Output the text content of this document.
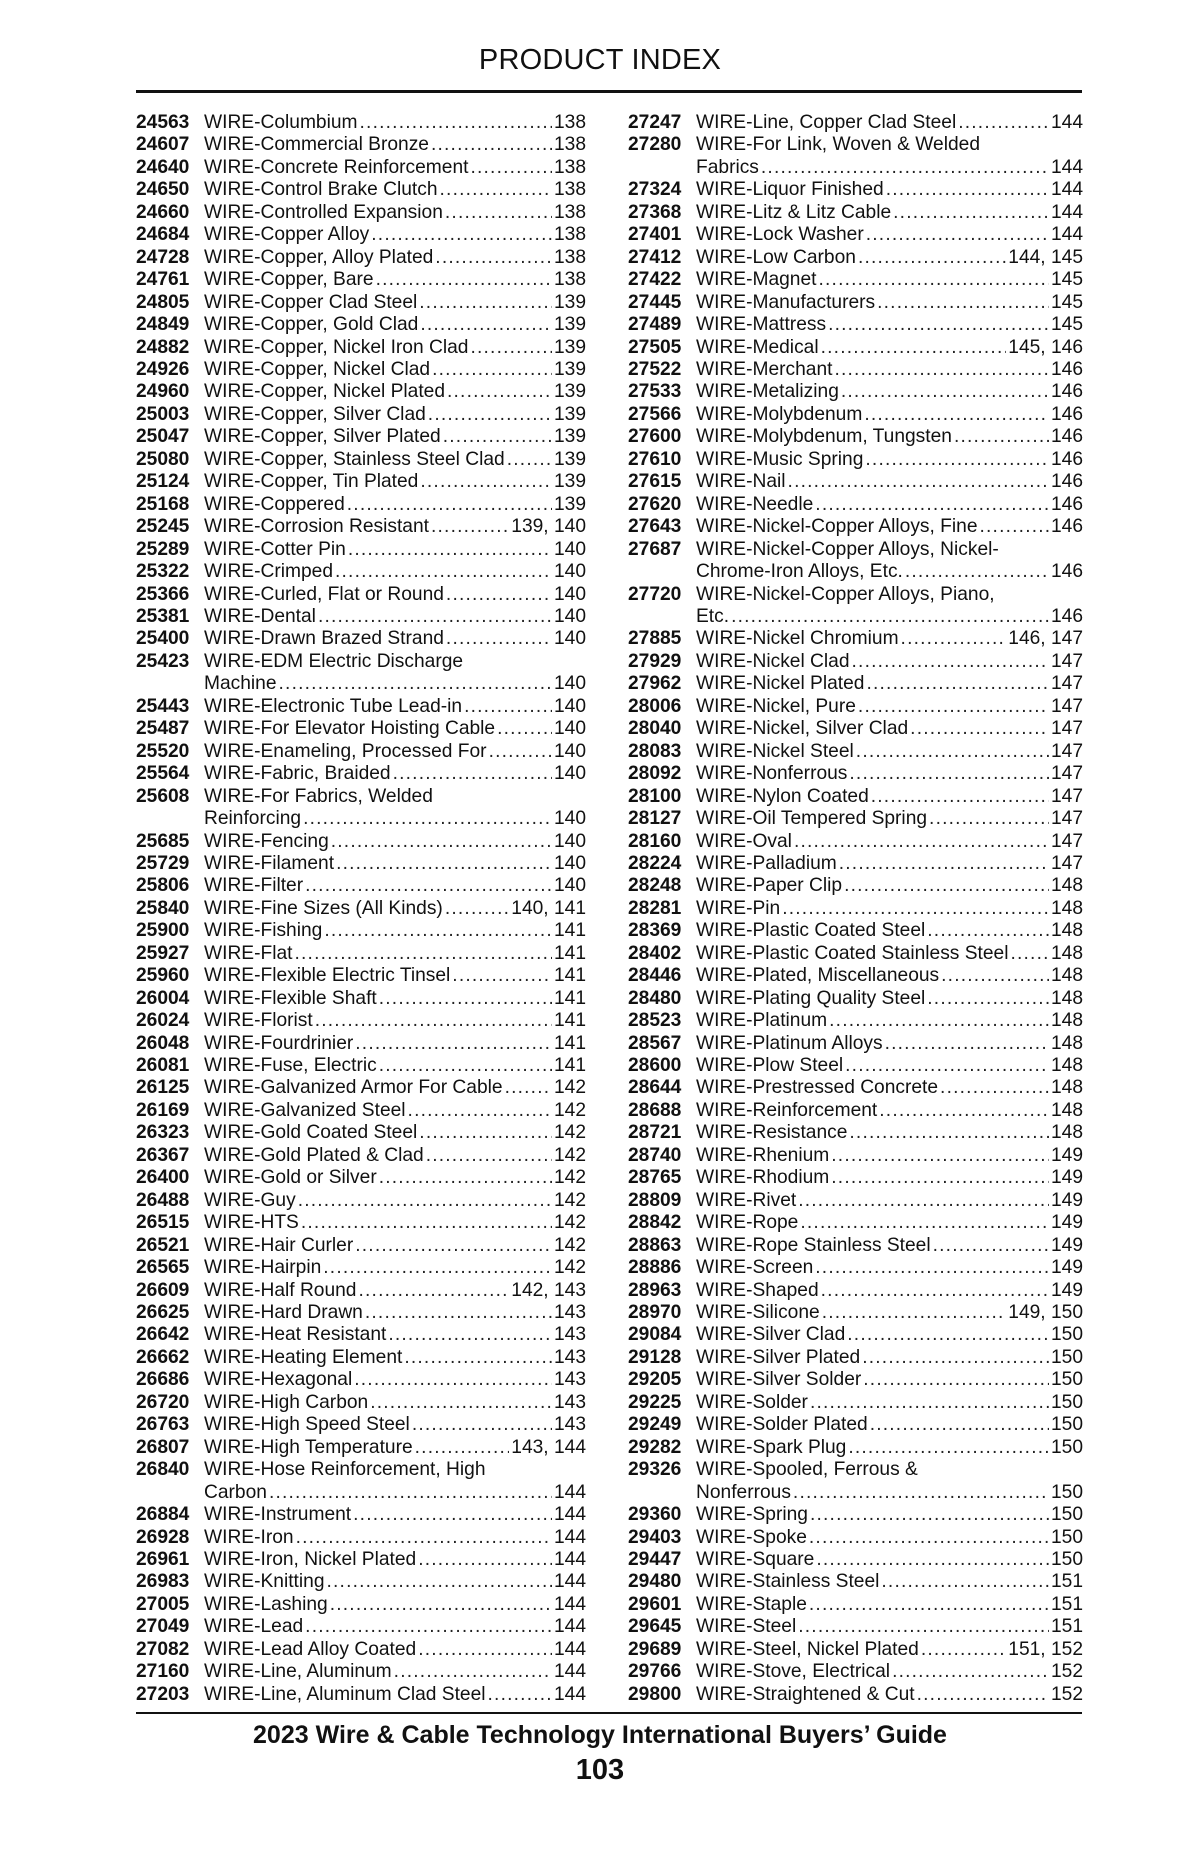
PRODUCT INDEX
24563 WIRE-Columbium .....	138
24607 WIRE-Commercial Bronze .....	138
24640 WIRE-Concrete Reinforcement .....	138
24650 WIRE-Control Brake Clutch .....	138
24660 WIRE-Controlled Expansion .....	138
24684 WIRE-Copper Alloy .....	138
24728 WIRE-Copper, Alloy Plated .....	138
24761 WIRE-Copper, Bare .....	138
24805 WIRE-Copper Clad Steel .....	139
24849 WIRE-Copper, Gold Clad .....	139
24882 WIRE-Copper, Nickel Iron Clad .....	139
24926 WIRE-Copper, Nickel Clad .....	139
24960 WIRE-Copper, Nickel Plated .....	139
25003 WIRE-Copper, Silver Clad .....	139
25047 WIRE-Copper, Silver Plated .....	139
25080 WIRE-Copper, Stainless Steel Clad .....	139
25124 WIRE-Copper, Tin Plated .....	139
25168 WIRE-Coppered .....	139
25245 WIRE-Corrosion Resistant .....	139, 140
25289 WIRE-Cotter Pin .....	140
25322 WIRE-Crimped .....	140
25366 WIRE-Curled, Flat or Round .....	140
25381 WIRE-Dental .....	140
25400 WIRE-Drawn Brazed Strand .....	140
25423 WIRE-EDM Electric Discharge
Machine .....	140
25443 WIRE-Electronic Tube Lead-in .....	140
25487 WIRE-For Elevator Hoisting Cable .....	140
25520 WIRE-Enameling, Processed For .....	140
25564 WIRE-Fabric, Braided .....	140
25608 WIRE-For Fabrics, Welded
Reinforcing .....	140
25685 WIRE-Fencing .....	140
25729 WIRE-Filament .....	140
25806 WIRE-Filter .....	140
25840 WIRE-Fine Sizes (All Kinds) .....	140, 141
25900 WIRE-Fishing .....	141
25927 WIRE-Flat .....	141
25960 WIRE-Flexible Electric Tinsel .....	141
26004 WIRE-Flexible Shaft .....	141
26024 WIRE-Florist .....	141
26048 WIRE-Fourdrinier .....	141
26081 WIRE-Fuse, Electric .....	141
26125 WIRE-Galvanized Armor For Cable .....	142
26169 WIRE-Galvanized Steel .....	142
26323 WIRE-Gold Coated Steel .....	142
26367 WIRE-Gold Plated & Clad .....	142
26400 WIRE-Gold or Silver .....	142
26488 WIRE-Guy .....	142
26515 WIRE-HTS .....	142
26521 WIRE-Hair Curler .....	142
26565 WIRE-Hairpin .....	142
26609 WIRE-Half Round .....	142, 143
26625 WIRE-Hard Drawn .....	143
26642 WIRE-Heat Resistant .....	143
26662 WIRE-Heating Element .....	143
26686 WIRE-Hexagonal .....	143
26720 WIRE-High Carbon .....	143
26763 WIRE-High Speed Steel .....	143
26807 WIRE-High Temperature .....	143, 144
26840 WIRE-Hose Reinforcement, High
Carbon .....	144
26884 WIRE-Instrument .....	144
26928 WIRE-Iron .....	144
26961 WIRE-Iron, Nickel Plated .....	144
26983 WIRE-Knitting .....	144
27005 WIRE-Lashing .....	144
27049 WIRE-Lead .....	144
27082 WIRE-Lead Alloy Coated .....	144
27160 WIRE-Line, Aluminum .....	144
27203 WIRE-Line, Aluminum Clad Steel .....	144
27247 WIRE-Line, Copper Clad Steel .....	144
27280 WIRE-For Link, Woven & Welded
Fabrics .....	144
27324 WIRE-Liquor Finished .....	144
27368 WIRE-Litz & Litz Cable .....	144
27401 WIRE-Lock Washer .....	144
27412 WIRE-Low Carbon .....	144, 145
27422 WIRE-Magnet .....	145
27445 WIRE-Manufacturers .....	145
27489 WIRE-Mattress .....	145
27505 WIRE-Medical .....	145, 146
27522 WIRE-Merchant .....	146
27533 WIRE-Metalizing .....	146
27566 WIRE-Molybdenum .....	146
27600 WIRE-Molybdenum, Tungsten .....	146
27610 WIRE-Music Spring .....	146
27615 WIRE-Nail .....	146
27620 WIRE-Needle .....	146
27643 WIRE-Nickel-Copper Alloys, Fine .....	146
27687 WIRE-Nickel-Copper Alloys, Nickel-
Chrome-Iron Alloys, Etc. .....	146
27720 WIRE-Nickel-Copper Alloys, Piano,
Etc. .....	146
27885 WIRE-Nickel Chromium .....	146, 147
27929 WIRE-Nickel Clad .....	147
27962 WIRE-Nickel Plated .....	147
28006 WIRE-Nickel, Pure .....	147
28040 WIRE-Nickel, Silver Clad .....	147
28083 WIRE-Nickel Steel .....	147
28092 WIRE-Nonferrous .....	147
28100 WIRE-Nylon Coated .....	147
28127 WIRE-Oil Tempered Spring .....	147
28160 WIRE-Oval .....	147
28224 WIRE-Palladium .....	147
28248 WIRE-Paper Clip .....	148
28281 WIRE-Pin .....	148
28369 WIRE-Plastic Coated Steel .....	148
28402 WIRE-Plastic Coated Stainless Steel ..... 148
28446 WIRE-Plated, Miscellaneous .....	148
28480 WIRE-Plating Quality Steel .....	148
28523 WIRE-Platinum .....	148
28567 WIRE-Platinum Alloys .....	148
28600 WIRE-Plow Steel .....	148
28644 WIRE-Prestressed Concrete .....	148
28688 WIRE-Reinforcement .....	148
28721 WIRE-Resistance .....	148
28740 WIRE-Rhenium .....	149
28765 WIRE-Rhodium .....	149
28809 WIRE-Rivet .....	149
28842 WIRE-Rope .....	149
28863 WIRE-Rope Stainless Steel .....	149
28886 WIRE-Screen .....	149
28963 WIRE-Shaped .....	149
28970 WIRE-Silicone .....	149, 150
29084 WIRE-Silver Clad .....	150
29128 WIRE-Silver Plated .....	150
29205 WIRE-Silver Solder .....	150
29225 WIRE-Solder .....	150
29249 WIRE-Solder Plated .....	150
29282 WIRE-Spark Plug .....	150
29326 WIRE-Spooled, Ferrous &
Nonferrous .....	150
29360 WIRE-Spring .....	150
29403 WIRE-Spoke .....	150
29447 WIRE-Square .....	150
29480 WIRE-Stainless Steel .....	151
29601 WIRE-Staple .....	151
29645 WIRE-Steel .....	151
29689 WIRE-Steel, Nickel Plated .....	151, 152
29766 WIRE-Stove, Electrical .....	152
29800 WIRE-Straightened & Cut .....	152
2023 Wire & Cable Technology International Buyers’ Guide
103
